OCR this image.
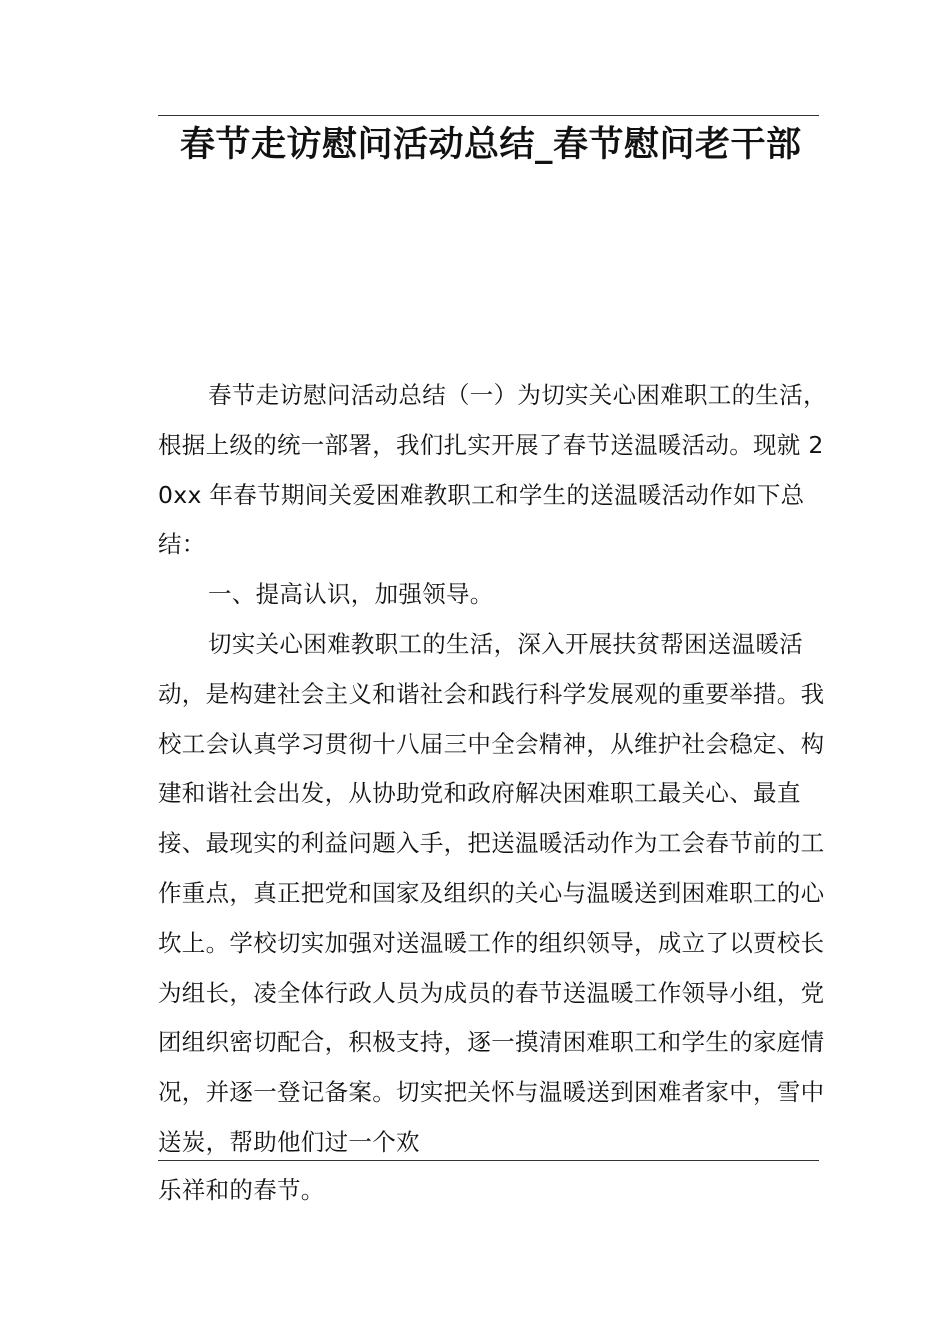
春节走访慰问活动总结_春节慰问老干部

春节走访慰问活动总结（一）为切实关心困难职工的生活，根据上级的统一部署，我们扎实开展了春节送温暖活动。现就 20xx 年春节期间关爱困难教职工和学生的送温暖活动作如下总结：

一、提高认识，加强领导。

切实关心困难教职工的生活，深入开展扶贫帮困送温暖活动，是构建社会主义和谐社会和践行科学发展观的重要举措。我校工会认真学习贯彻十八届三中全会精神，从维护社会稳定、构建和谐社会出发，从协助党和政府解决困难职工最关心、最直接、最现实的利益问题入手，把送温暖活动作为工会春节前的工作重点，真正把党和国家及组织的关心与温暖送到困难职工的心坎上。学校切实加强对送温暖工作的组织领导，成立了以贾校长为组长，凌全体行政人员为成员的春节送温暖工作领导小组，党团组织密切配合，积极支持，逐一摸清困难职工和学生的家庭情况，并逐一登记备案。切实把关怀与温暖送到困难者家中，雪中送炭，帮助他们过一个欢

乐祥和的春节。
